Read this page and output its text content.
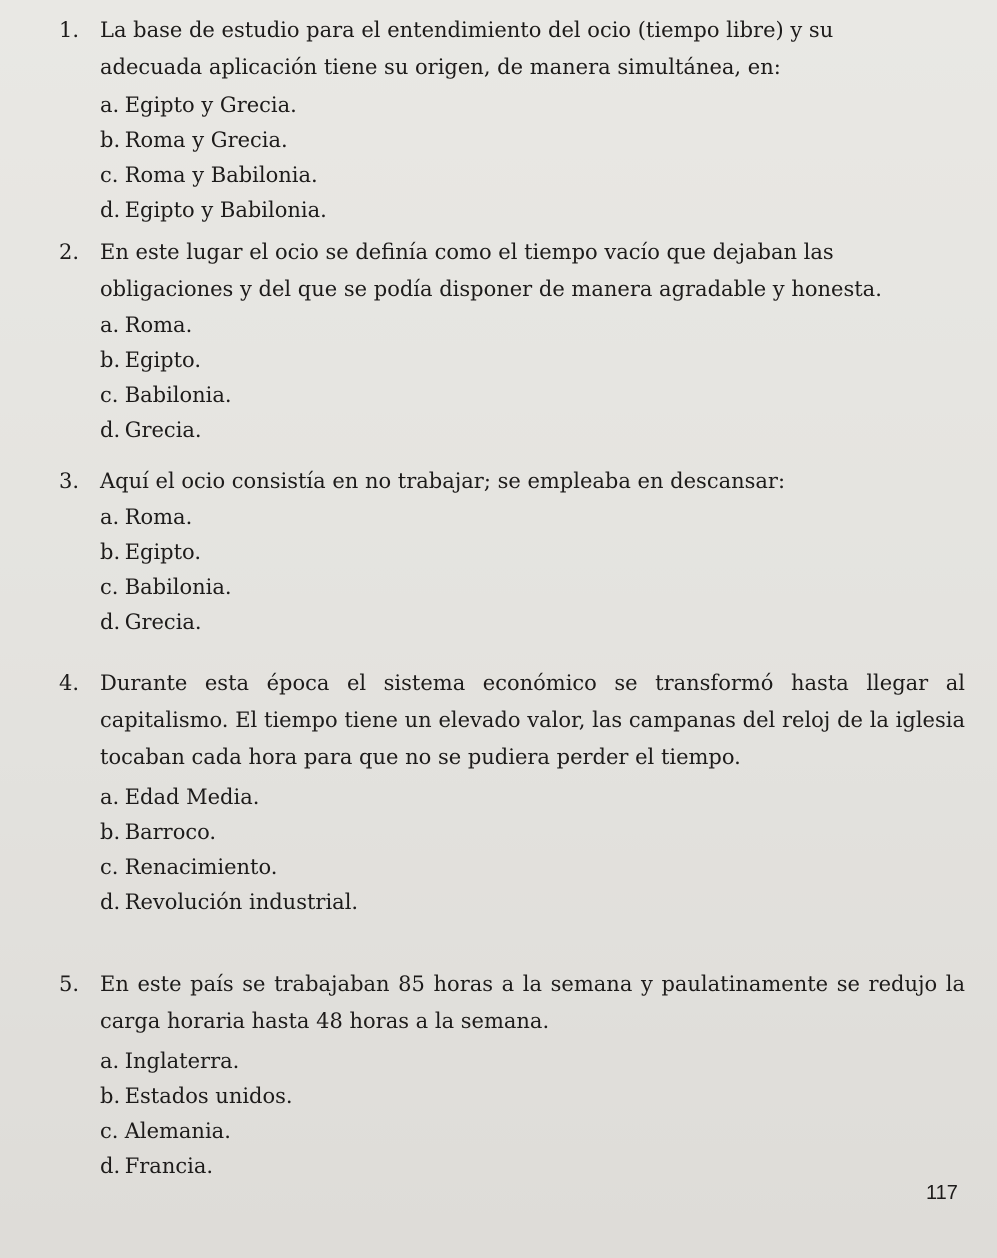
1. La base de estudio para el entendimiento del ocio (tiempo libre) y su adecuada aplicación tiene su origen, de manera simultánea, en:

a. Egipto y Grecia.
b. Roma y Grecia.
c. Roma y Babilonia.
d. Egipto y Babilonia.

2. En este lugar el ocio se definía como el tiempo vacío que dejaban las obligaciones y del que se podía disponer de manera agradable y honesta.

a. Roma.
b. Egipto.
c. Babilonia.
d. Grecia.

3. Aquí el ocio consistía en no trabajar; se empleaba en descansar:

a. Roma.
b. Egipto.
c. Babilonia.
d. Grecia.

4. Durante esta época el sistema económico se transformó hasta llegar al capitalismo. El tiempo tiene un elevado valor, las campanas del reloj de la iglesia tocaban cada hora para que no se pudiera perder el tiempo.

a. Edad Media.
b. Barroco.
c. Renacimiento.
d. Revolución industrial.

5. En este país se trabajaban 85 horas a la semana y paulatinamente se redujo la carga horaria hasta 48 horas a la semana.

a. Inglaterra.
b. Estados unidos.
c. Alemania.
d. Francia.
117
